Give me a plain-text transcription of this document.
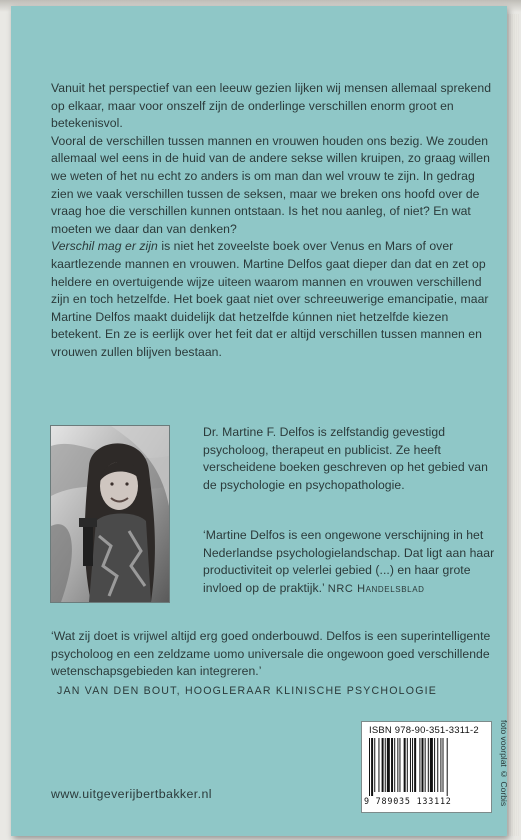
Vanuit het perspectief van een leeuw gezien lijken wij mensen allemaal sprekend op elkaar, maar voor onszelf zijn de onderlinge verschillen enorm groot en betekenisvol.

Vooral de verschillen tussen mannen en vrouwen houden ons bezig. We zouden allemaal wel eens in de huid van de andere sekse willen kruipen, zo graag willen we weten of het nu echt zo anders is om man dan wel vrouw te zijn. In gedrag zien we vaak verschillen tussen de seksen, maar we breken ons hoofd over de vraag hoe die verschillen kunnen ontstaan. Is het nou aanleg, of niet? En wat moeten we daar dan van denken?

Verschil mag er zijn is niet het zoveelste boek over Venus en Mars of over kaartlezende mannen en vrouwen. Martine Delfos gaat dieper dan dat en zet op heldere en overtuigende wijze uiteen waarom mannen en vrouwen verschillend zijn en toch hetzelfde. Het boek gaat niet over schreeuwerige emancipatie, maar Martine Delfos maakt duidelijk dat hetzelfde kúnnen niet hetzelfde kiezen betekent. En ze is eerlijk over het feit dat er altijd verschillen tussen mannen en vrouwen zullen blijven bestaan.

Dr. Martine F. Delfos is zelfstandig gevestigd psycholoog, therapeut en publicist. Ze heeft verscheidene boeken geschreven op het gebied van de psychologie en psychopathologie.

‘Martine Delfos is een ongewone verschijning in het Nederlandse psychologielandschap. Dat ligt aan haar productiviteit op velerlei gebied (...) en haar grote invloed op de praktijk.’ NRC Handelsblad

‘Wat zij doet is vrijwel altijd erg goed onderbouwd. Delfos is een superintelligente psycholoog en een zeldzame uomo universale die ongewoon goed verschillende wetenschapsgebieden kan integreren.’

JAN VAN DEN BOUT, HOOGLERAAR KLINISCHE PSYCHOLOGIE

ISBN 978-90-351-3311-2
9 789035 133112	foto voorplat © Corbis
www.uitgeverijbertbakker.nl
